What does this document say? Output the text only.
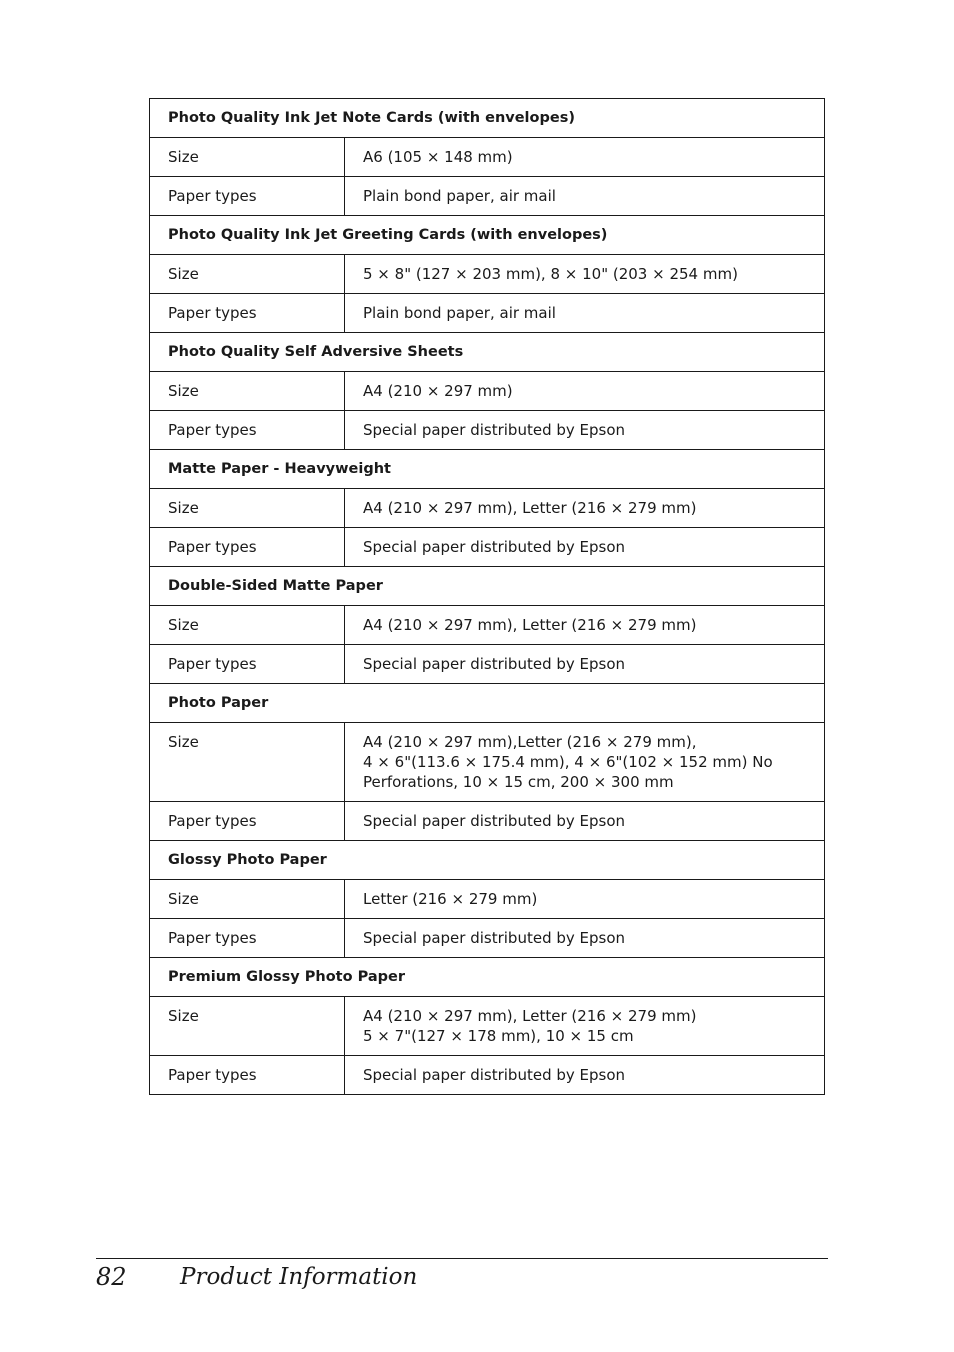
Photo Quality Ink Jet Note Cards (with envelopes)	
Size	A6 (105 × 148 mm)
Paper types	Plain bond paper, air mail
Photo Quality Ink Jet Greeting Cards (with envelopes)	
Size	5 × 8" (127 × 203 mm), 8 × 10" (203 × 254 mm)
Paper types	Plain bond paper, air mail
Photo Quality Self Adversive Sheets	
Size	A4 (210 × 297 mm)
Paper types	Special paper distributed by Epson
Matte Paper - Heavyweight	
Size	A4 (210 × 297 mm), Letter (216 × 279 mm)
Paper types	Special paper distributed by Epson
Double-Sided Matte Paper	
Size	A4 (210 × 297 mm), Letter (216 × 279 mm)
Paper types	Special paper distributed by Epson
Photo Paper	
Size	A4 (210 × 297 mm),Letter (216 × 279 mm),
4 × 6"(113.6 × 175.4 mm), 4 × 6"(102 × 152 mm) No
Perforations, 10 × 15 cm, 200 × 300 mm
Paper types	Special paper distributed by Epson
Glossy Photo Paper	
Size	Letter (216 × 279 mm)
Paper types	Special paper distributed by Epson
Premium Glossy Photo Paper	
Size	A4 (210 × 297 mm), Letter (216 × 279 mm)
5 × 7"(127 × 178 mm), 10 × 15 cm
Paper types	Special paper distributed by Epson
82 Product Information
